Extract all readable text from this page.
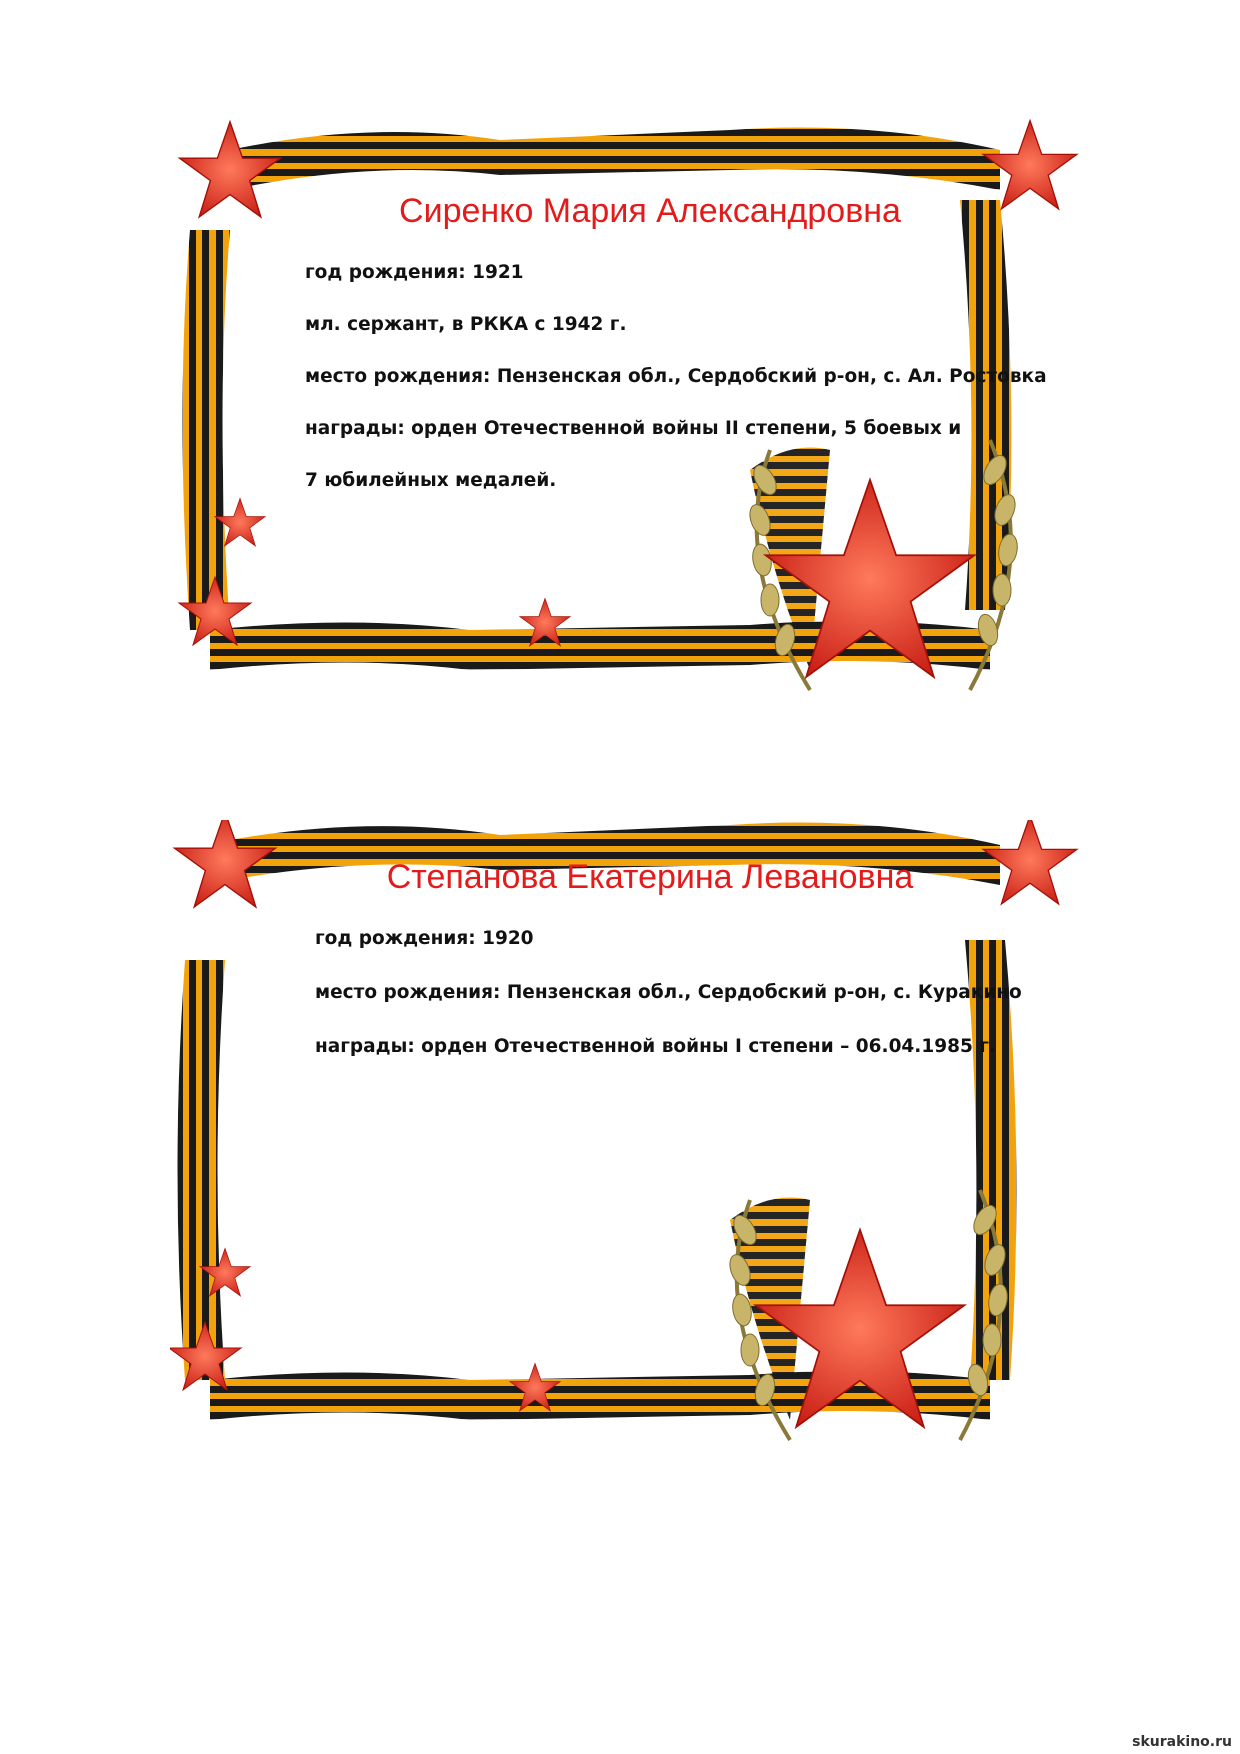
Сиренко Мария Александровна
год рождения: 1921
мл. сержант, в РККА с 1942 г.
место рождения: Пензенская обл., Сердобский р-он, с. Ал. Ростовка
награды: орден Отечественной войны ІІ степени, 5 боевых и
7 юбилейных медалей.
Степанова Екатерина Левановна
год рождения: 1920
место рождения: Пензенская обл., Сердобский р-он, с. Куракино
награды: орден Отечественной войны І степени – 06.04.1985 г.
skurakino.ru
